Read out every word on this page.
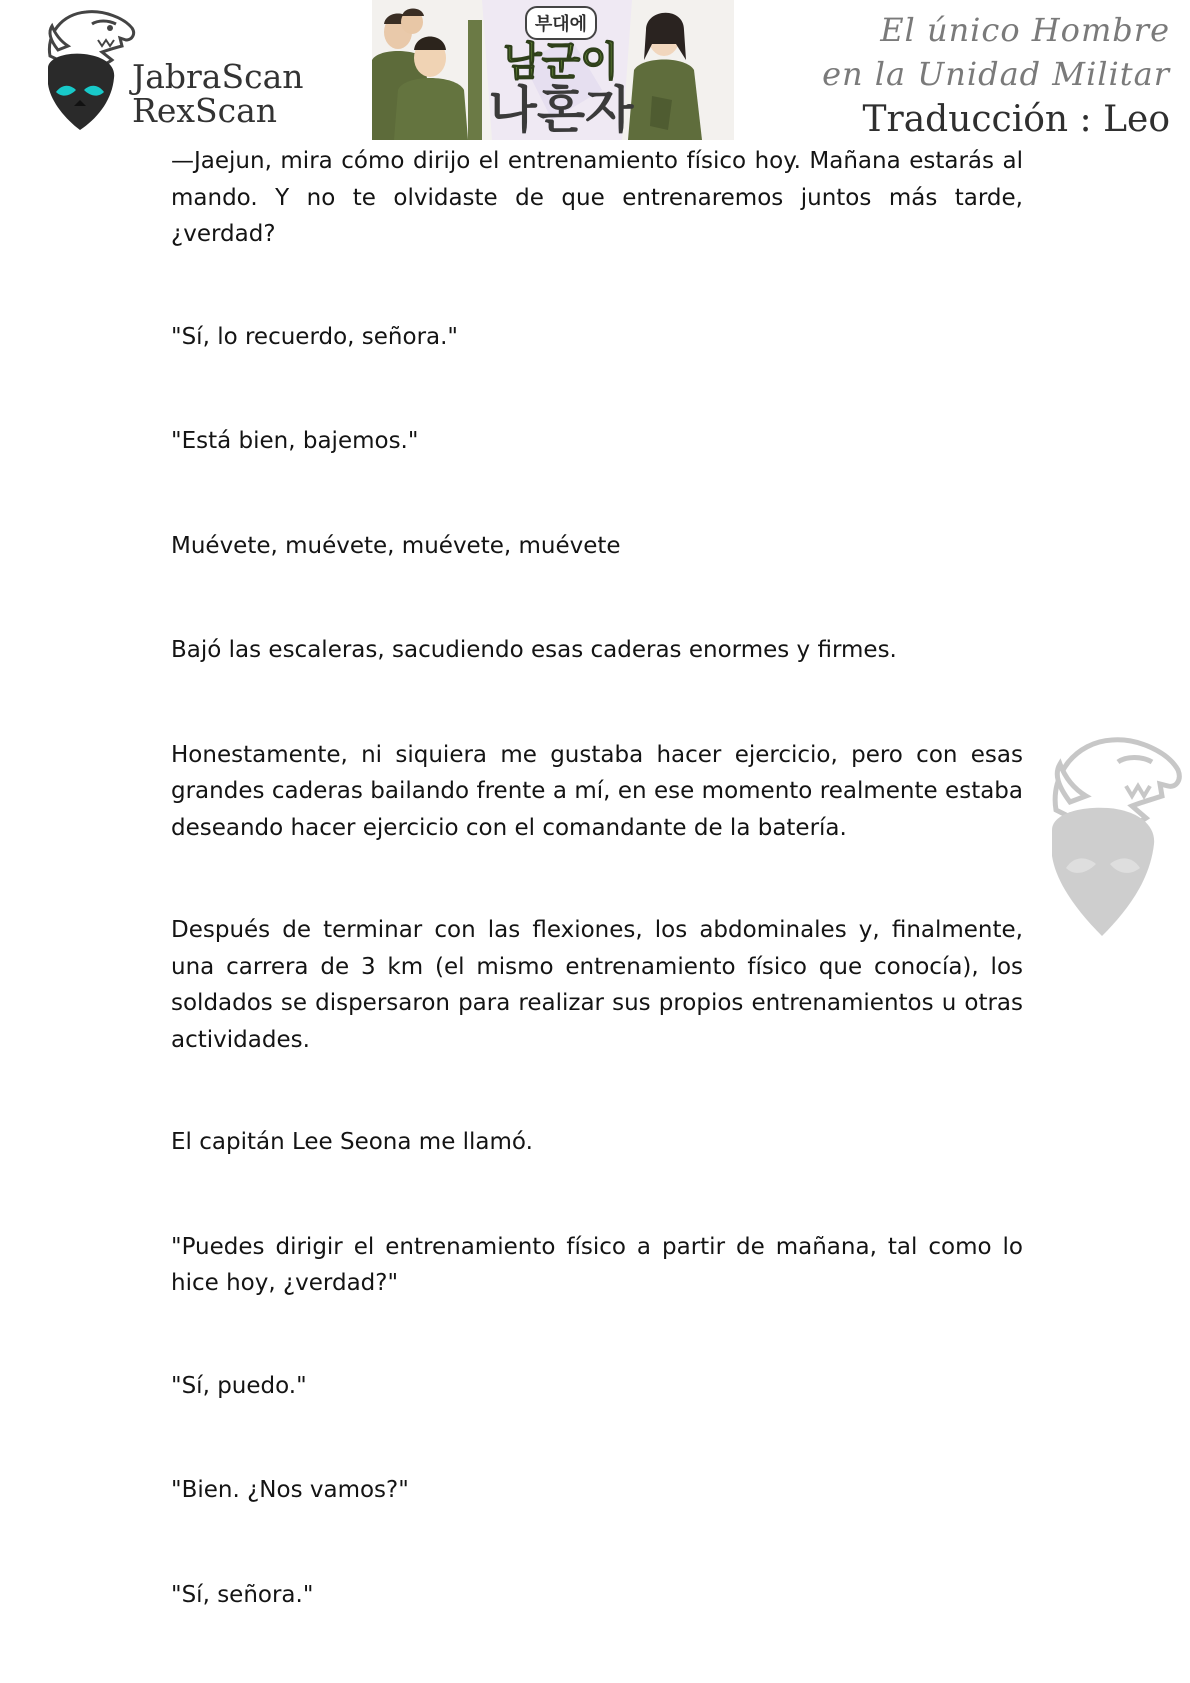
JabraScan
RexScan
부대에
남군이
나혼자
El único Hombre
en la Unidad Militar
Traducción : Leo

—Jaejun, mira cómo dirijo el entrenamiento físico hoy. Mañana estarás al mando. Y no te olvidaste de que entrenaremos juntos más tarde, ¿verdad?

"Sí, lo recuerdo, señora."

"Está bien, bajemos."

Muévete, muévete, muévete, muévete

Bajó las escaleras, sacudiendo esas caderas enormes y firmes.

Honestamente, ni siquiera me gustaba hacer ejercicio, pero con esas grandes caderas bailando frente a mí, en ese momento realmente estaba deseando hacer ejercicio con el comandante de la batería.

Después de terminar con las flexiones, los abdominales y, finalmente, una carrera de 3 km (el mismo entrenamiento físico que conocía), los soldados se dispersaron para realizar sus propios entrenamientos u otras actividades.

El capitán Lee Seona me llamó.

"Puedes dirigir el entrenamiento físico a partir de mañana, tal como lo hice hoy, ¿verdad?"

"Sí, puedo."

"Bien. ¿Nos vamos?"

"Sí, señora."
